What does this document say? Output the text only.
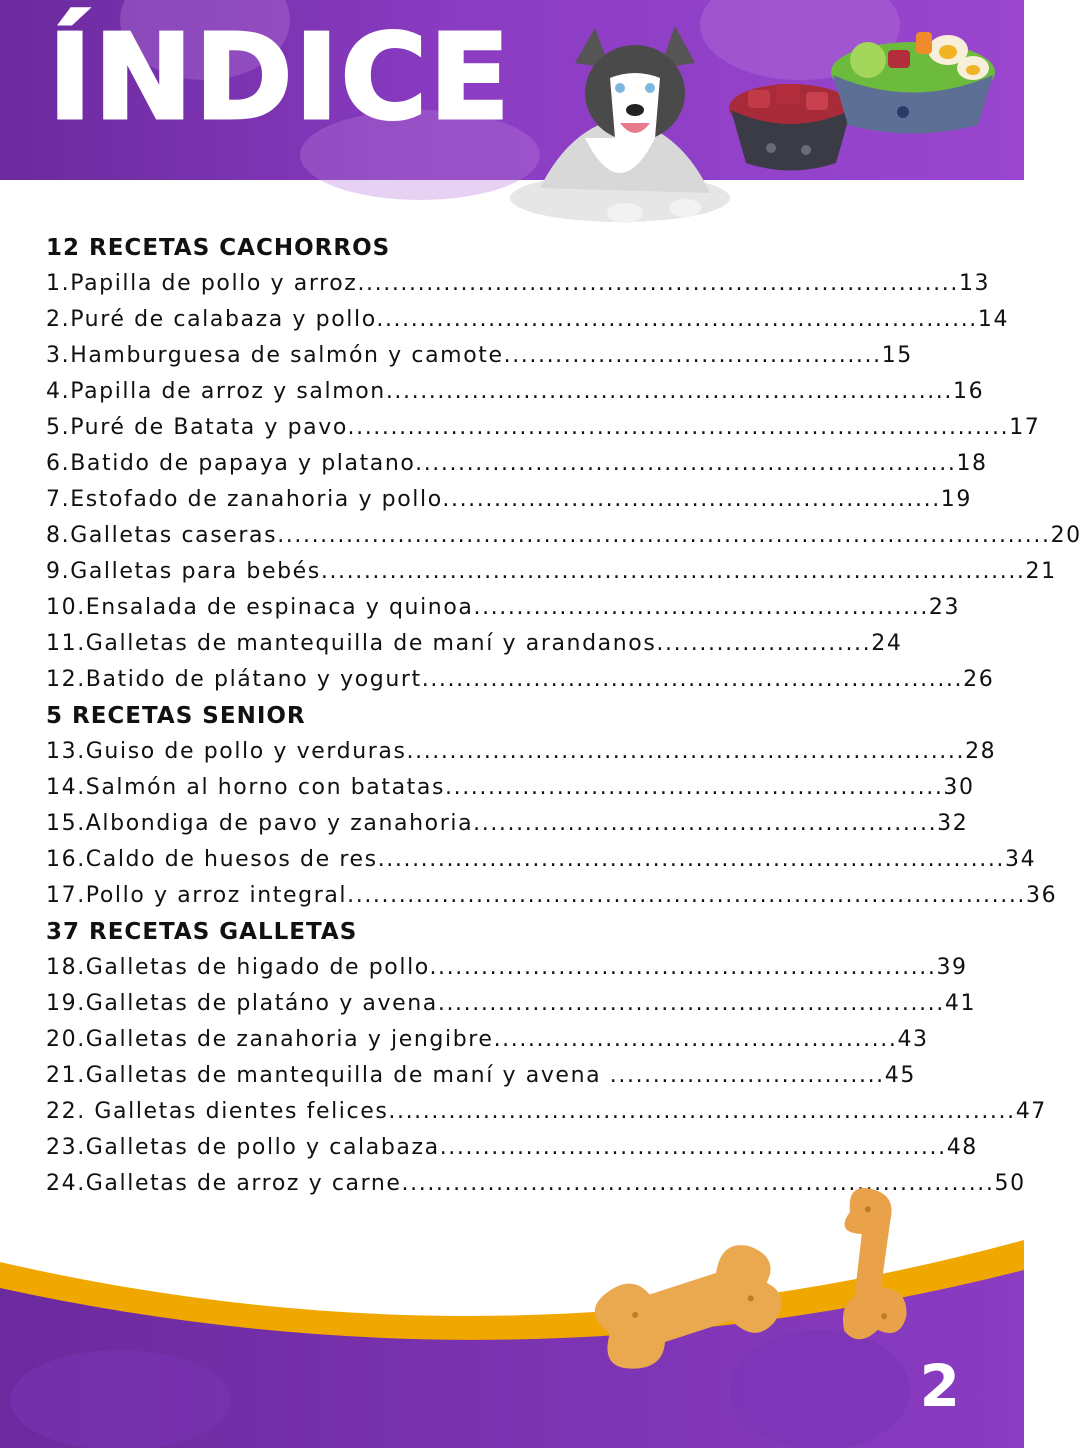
ÍNDICE
12 RECETAS CACHORROS
1.Papilla de pollo y arroz......................................................................13
2.Puré de calabaza y pollo......................................................................14
3.Hamburguesa de salmón y camote............................................15
4.Papilla de arroz y salmon..................................................................16
5.Puré de Batata y pavo.............................................................................17
6.Batido de papaya y platano...............................................................18
7.Estofado de zanahoria y pollo..........................................................19
8.Galletas caseras..........................................................................................20
9.Galletas para bebés..................................................................................21
10.Ensalada de espinaca y quinoa.....................................................23
11.Galletas de mantequilla de maní y arandanos.........................24
12.Batido de plátano y yogurt...............................................................26
5 RECETAS SENIOR
13.Guiso de pollo y verduras.................................................................28
14.Salmón al horno con batatas..........................................................30
15.Albondiga de pavo y zanahoria......................................................32
16.Caldo de huesos de res.........................................................................34
17.Pollo y arroz integral...............................................................................36
37 RECETAS GALLETAS
18.Galletas de higado de pollo...........................................................39
19.Galletas de platáno y avena...........................................................41
20.Galletas de zanahoria y jengibre...............................................43
21.Galletas de mantequilla de maní y avena ................................45
22. Galletas dientes felices.........................................................................47
23.Galletas de pollo y calabaza...........................................................48
24.Galletas de arroz y carne.....................................................................50
2
